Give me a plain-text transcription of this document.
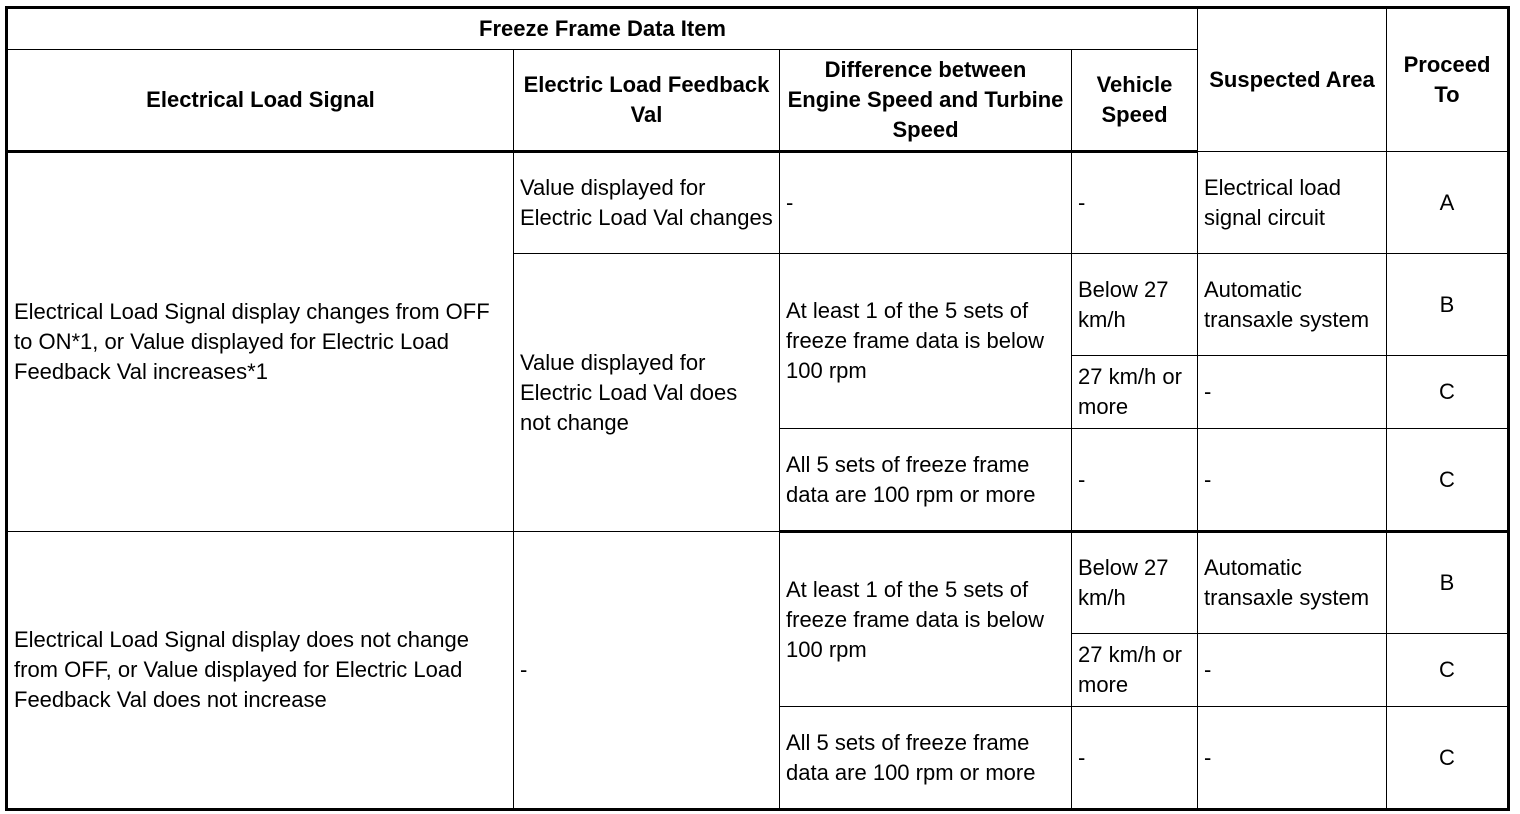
Freeze Frame Data Item				Suspected Area	Proceed To
Electrical Load Signal	Electric Load Feedback Val	Difference between Engine Speed and Turbine Speed	Vehicle Speed		
Electrical Load Signal display changes from OFF to ON*1, or Value displayed for Electric Load Feedback Val increases*1	Value displayed for Electric Load Val changes	-	-	Electrical load signal circuit	A
	Value displayed for Electric Load Val does not change	At least 1 of the 5 sets of freeze frame data is below 100 rpm	Below 27 km/h	Automatic transaxle system	B
			27 km/h or more	-	C
		All 5 sets of freeze frame data are 100 rpm or more	-	-	C
Electrical Load Signal display does not change from OFF, or Value displayed for Electric Load Feedback Val does not increase	-	At least 1 of the 5 sets of freeze frame data is below 100 rpm	Below 27 km/h	Automatic transaxle system	B
			27 km/h or more	-	C
		All 5 sets of freeze frame data are 100 rpm or more	-	-	C
